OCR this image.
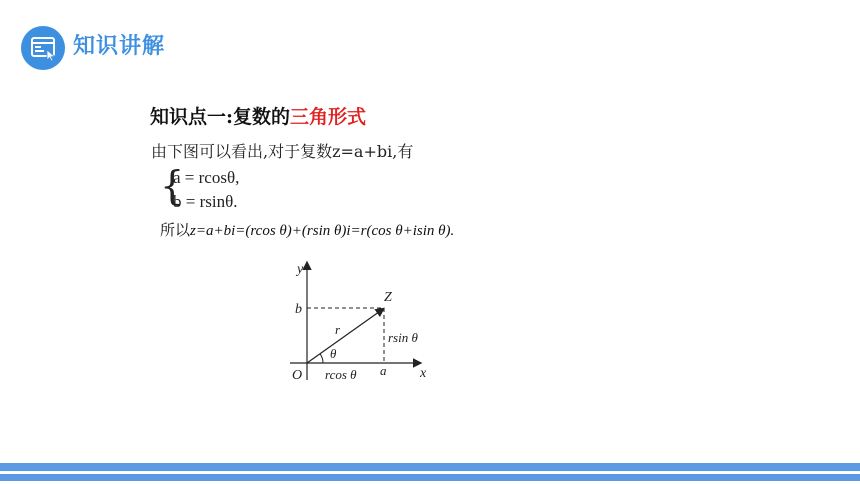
知识讲解
知识点一:复数的三角形式
由下图可以看出,对于复数z=a+bi,有
{
a = rcosθ,
b = rsinθ.
所以z=a+bi=(rcos θ)+(rsin θ)i=r(cos θ+isin θ).
y
x
O
b
a
Z
r
θ
rsin θ
rcos θ
